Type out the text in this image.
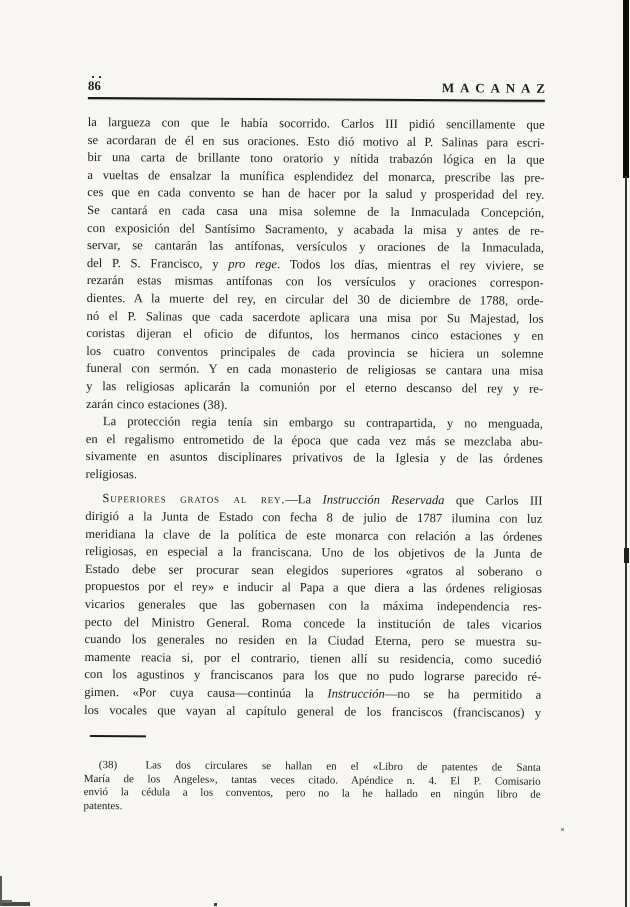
86	MACANAZ
la largueza con que le había socorrido. Carlos III pidió sencillamente que
se acordaran de él en sus oraciones. Esto dió motivo al P. Salinas para escri-
bir una carta de brillante tono oratorio y nítida trabazón lógica en la que
a vueltas de ensalzar la munífica esplendidez del monarca, prescribe las pre-
ces que en cada convento se han de hacer por la salud y prosperidad del rey.
Se cantará en cada casa una misa solemne de la Inmaculada Concepción,
con exposición del Santísimo Sacramento, y acabada la misa y antes de re-
servar, se cantarán las antífonas, versículos y oraciones de la Inmaculada,
del P. S. Francisco, y pro rege. Todos los días, mientras el rey viviere, se
rezarán estas mismas antífonas con los versículos y oraciones correspon-
dientes. A la muerte del rey, en circular del 30 de diciembre de 1788, orde-
nó el P. Salinas que cada sacerdote aplicara una misa por Su Majestad, los
coristas dijeran el oficio de difuntos, los hermanos cinco estaciones y en
los cuatro conventos principales de cada provincia se hiciera un solemne
funeral con sermón. Y en cada monasterio de religiosas se cantara una misa
y las religiosas aplicarán la comunión por el eterno descanso del rey y re-
zarán cinco estaciones (38).
La protección regia tenía sin embargo su contrapartida, y no menguada,
en el regalismo entrometido de la época que cada vez más se mezclaba abu-
sivamente en asuntos disciplinares privativos de la Iglesia y de las órdenes
religiosas.
Superiores gratos al rey.—La Instrucción Reservada que Carlos III
dirigió a la Junta de Estado con fecha 8 de julio de 1787 ilumina con luz
meridiana la clave de la política de este monarca con relación a las órdenes
religiosas, en especial a la franciscana. Uno de los objetivos de la Junta de
Estado debe ser procurar sean elegidos superiores «gratos al soberano o
propuestos por el rey» e inducir al Papa a que diera a las órdenes religiosas
vicarios generales que las gobernasen con la máxima independencia res-
pecto del Ministro General. Roma concede la institución de tales vicarios
cuando los generales no residen en la Ciudad Eterna, pero se muestra su-
mamente reacia si, por el contrario, tienen allí su residencia, como sucedió
con los agustinos y franciscanos para los que no pudo lograrse parecido ré-
gimen. «Por cuya causa—continúa la Instrucción—no se ha permitido a
los vocales que vayan al capítulo general de los franciscos (franciscanos) y
(38)  Las dos circulares se hallan en el «Libro de patentes de Santa
María de los Angeles», tantas veces citado. Apéndice n. 4. El P. Comisario
envió la cédula a los conventos, pero no la he hallado en ningún libro de
patentes.
